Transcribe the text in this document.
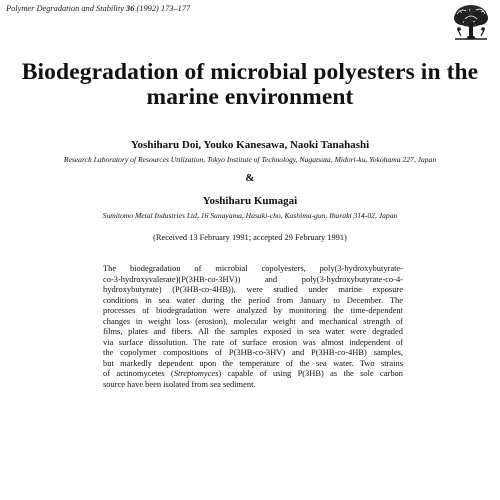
Polymer Degradation and Stability 36 (1992) 173–177
Biodegradation of microbial polyesters in the
marine environment
Yoshiharu Doi, Youko Kanesawa, Naoki Tanahashi
Research Laboratory of Resources Utilization, Tokyo Institute of Technology, Nagatsuta, Midori-ku, Yokohama 227, Japan
&
Yoshiharu Kumagai
Sumitomo Metal Industries Ltd, 16 Sunayama, Hasaki-cho, Kashima-gun, Ibaraki 314-02, Japan
(Received 13 February 1991; accepted 29 February 1991)
The biodegradation of microbial copolyesters, poly(3-hydroxybutyrate-
co-3-hydroxyvalerate)(P(3HB-co-3HV)) and poly(3-hydroxybutyrate-co-4-
hydroxybutyrate) (P(3HB-co-4HB)), were studied under marine exposure
conditions in sea water during the period from January to December. The
processes of biodegradation were analyzed by monitoring the time-dependent
changes in weight loss (erosion), molecular weight and mechanical strength of
films, plates and fibers. All the samples exposed in sea water were degraded
via surface dissolution. The rate of surface erosion was almost independent of
the copolymer compositions of P(3HB-co-3HV) and P(3HB-co-4HB) samples,
but markedly dependent upon the temperature of the sea water. Two strains
of actinomycetes (Streptomyces) capable of using P(3HB) as the sole carbon
source have been isolated from sea sediment.
